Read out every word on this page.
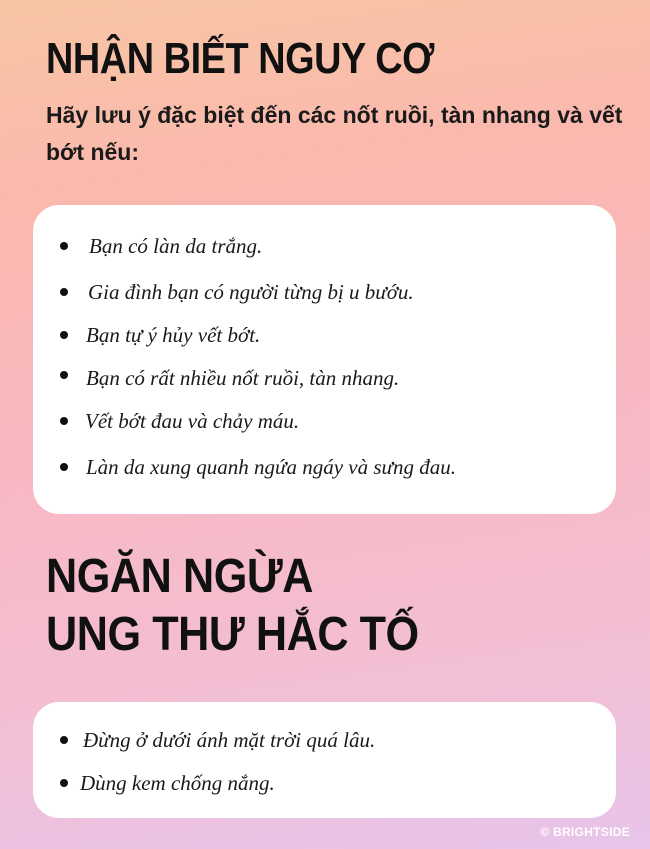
NHẬN BIẾT NGUY CƠ

Hãy lưu ý đặc biệt đến các nốt ruồi, tàn nhang và vết bớt nếu:

Bạn có làn da trắng.
Gia đình bạn có người từng bị u bướu.
Bạn tự ý hủy vết bớt.
Bạn có rất nhiều nốt ruồi, tàn nhang.
Vết bớt đau và chảy máu.
Làn da xung quanh ngứa ngáy và sưng đau.
NGĂN NGỪA
UNG THƯ HẮC TỐ
Đừng ở dưới ánh mặt trời quá lâu.
Dùng kem chống nắng.
© BRIGHTSIDE
